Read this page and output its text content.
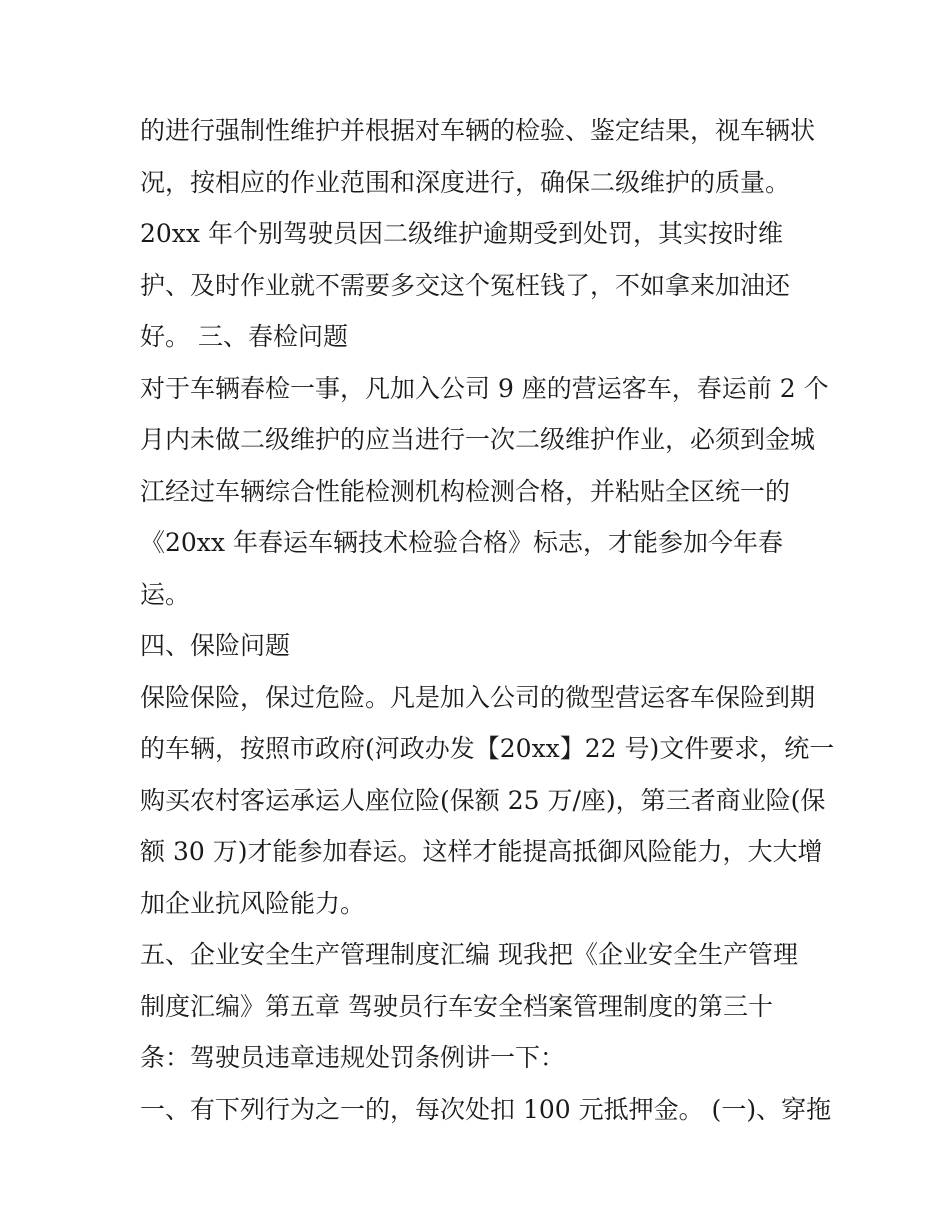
的进行强制性维护并根据对车辆的检验、鉴定结果，视车辆状
况，按相应的作业范围和深度进行，确保二级维护的质量。
20xx 年个别驾驶员因二级维护逾期受到处罚，其实按时维
护、及时作业就不需要多交这个冤枉钱了，不如拿来加油还
好。 三、春检问题
对于车辆春检一事，凡加入公司 9 座的营运客车，春运前 2 个
月内未做二级维护的应当进行一次二级维护作业，必须到金城
江经过车辆综合性能检测机构检测合格，并粘贴全区统一的
《20xx 年春运车辆技术检验合格》标志，才能参加今年春
运。
四、保险问题
保险保险，保过危险。凡是加入公司的微型营运客车保险到期
的车辆，按照市政府(河政办发【20xx】22 号)文件要求，统一
购买农村客运承运人座位险(保额 25 万/座)，第三者商业险(保
额 30 万)才能参加春运。这样才能提高抵御风险能力，大大增
加企业抗风险能力。
五、企业安全生产管理制度汇编 现我把《企业安全生产管理
制度汇编》第五章 驾驶员行车安全档案管理制度的第三十
条：驾驶员违章违规处罚条例讲一下：
一、有下列行为之一的，每次处扣 100 元抵押金。 (一)、穿拖
